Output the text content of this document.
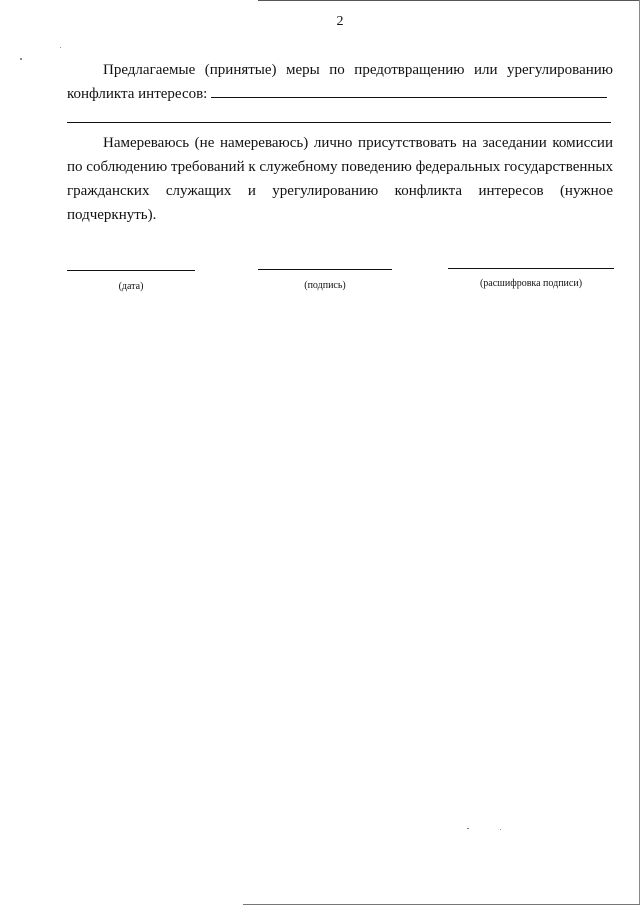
2
Предлагаемые (принятые) меры по предотвращению или урегулированию
конфликта интересов:
Намереваюсь (не намереваюсь) лично присутствовать на заседании комиссии
по соблюдению требований к служебному поведению федеральных государственных
гражданских служащих и урегулированию конфликта интересов (нужное
подчеркнуть).
(дата)	(подпись)	(расшифровка подписи)
